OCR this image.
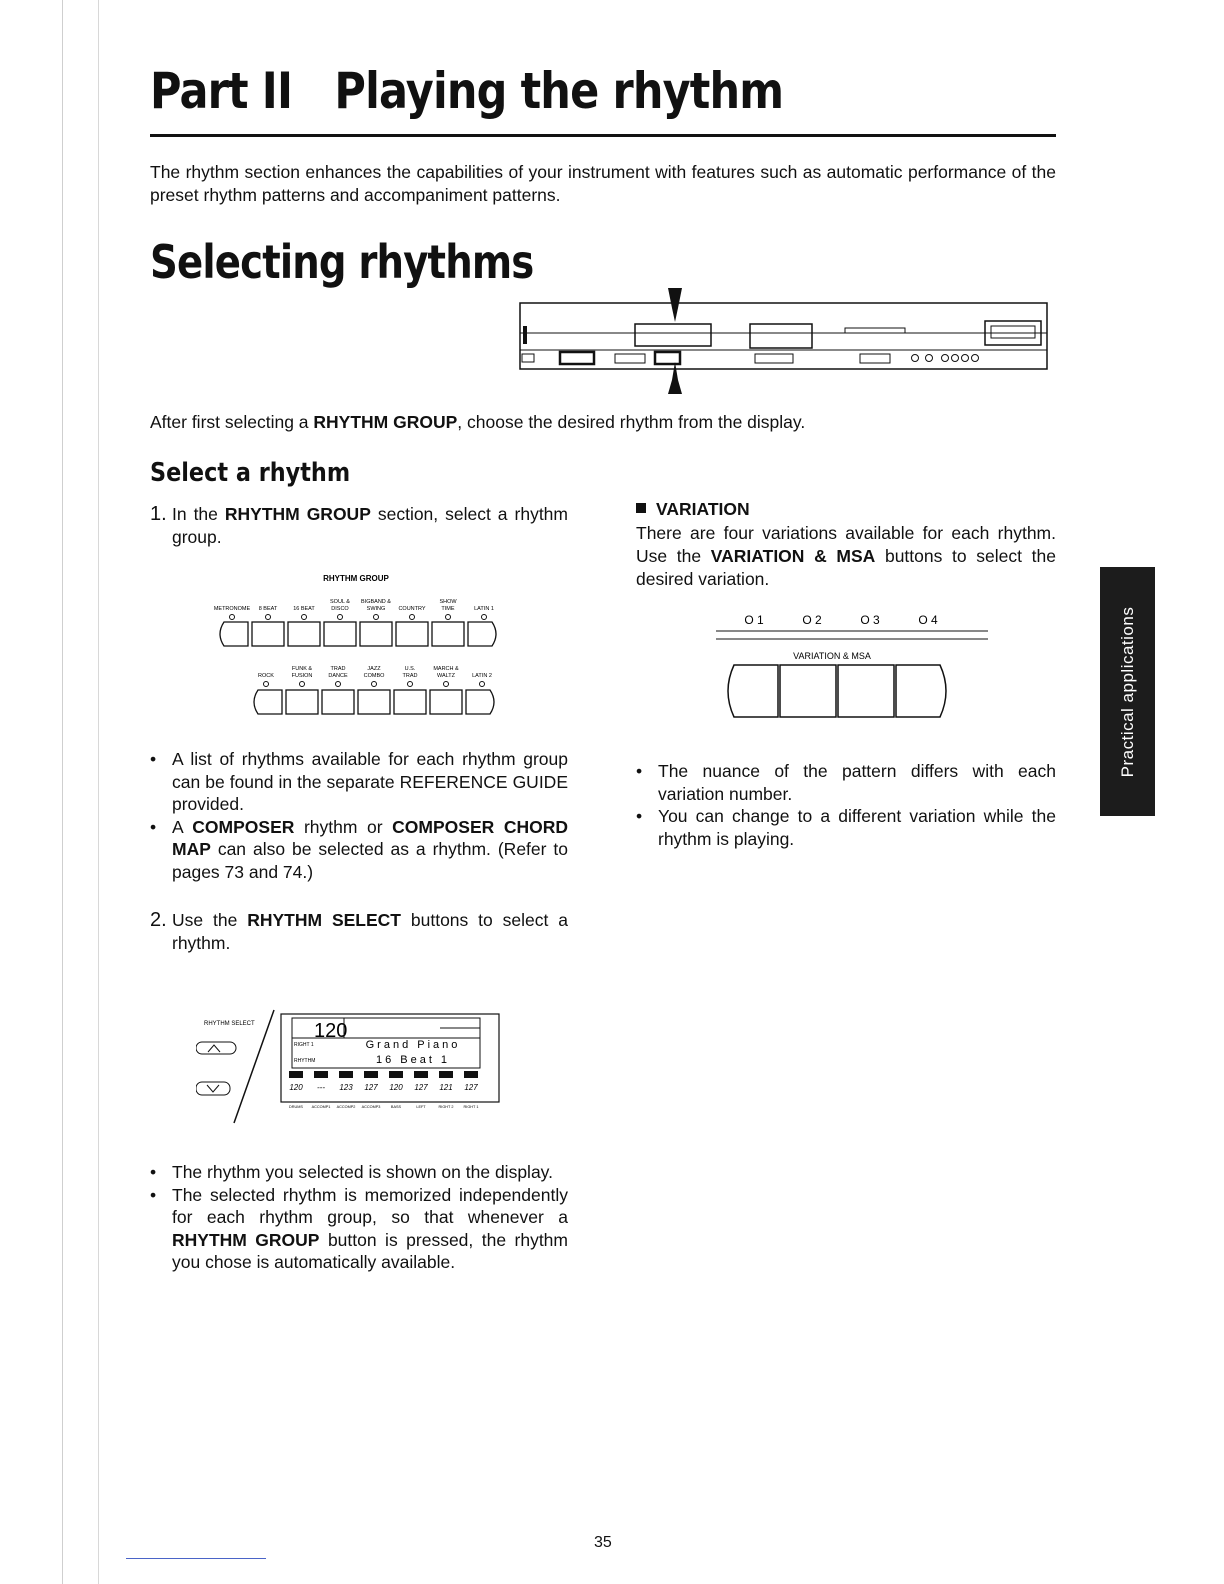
Part II   Playing the rhythm
The rhythm section enhances the capabilities of your instrument with features such as automatic performance of the preset rhythm patterns and accompaniment patterns.
Selecting rhythms
After first selecting a RHYTHM GROUP, choose the desired rhythm from the display.
Select a rhythm
1. In the RHYTHM GROUP section, select a rhythm group.
RHYTHM GROUP
METRONOME 8 BEAT	16 BEAT
SOUL & DISCO
BIGBAND & SWING	COUNTRY
SHOW TIME	LATIN 1
ROCK
FUNK & FUSION
TRAD DANCE
JAZZ COMBO
U.S. TRAD
MARCH & WALTZ	LATIN 2
• A list of rhythms available for each rhythm group can be found in the separate REFERENCE GUIDE provided.
• A COMPOSER rhythm or COMPOSER CHORD MAP can also be selected as a rhythm. (Refer to pages 73 and 74.)
2. Use the RHYTHM SELECT buttons to select a rhythm.
RHYTHM SELECT	120
RIGHT 1
RHYTHM
Grand Piano
16 Beat 1
120 --- 123 127 120 127 121 127
DRUMS ACCOMP1 ACCOMP2 ACCOMP3	BASS	LEFT	RIGHT 2	RIGHT 1
• The rhythm you selected is shown on the display.
• The selected rhythm is memorized independently for each rhythm group, so that whenever a RHYTHM GROUP button is pressed, the rhythm you chose is automatically available.
VARIATION
There are four variations available for each rhythm. Use the VARIATION & MSA buttons to select the desired variation.
O 1	O 2	O 3	O 4
VARIATION & MSA
• The nuance of the pattern differs with each variation number.
• You can change to a different variation while the rhythm is playing.
Practical applications
35
